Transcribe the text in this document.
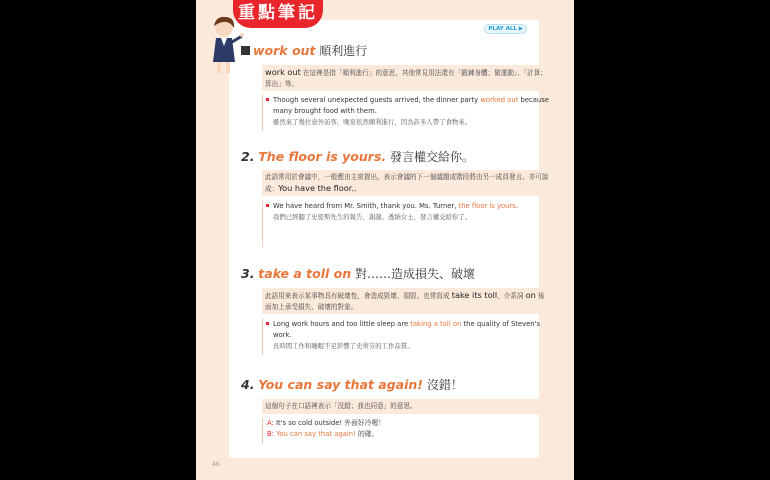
PLAY ALL ▶
work out 順利進行
work out 在這裡是指「順利進行」的意思，其他常見用法還有「鍛鍊身體；做運動」、「計算；算出」等。
Though several unexpected guests arrived, the dinner party worked out because many brought food with them.
雖然來了幾位意外訪客，晚宴依然順利進行，因為許多人帶了食物來。
2. The floor is yours. 發言權交給你。
此語常用於會議中，一般應由主席提出，表示會議的下一個議題或階段將由另一成員發言。亦可說成：You have the floor.。
We have heard from Mr. Smith, thank you. Ms. Turner, the floor is yours.
我們已經聽了史密斯先生的報告，謝謝。透納女士，發言權交給你了。
3. take a toll on 對……造成損失、破壞
此語用來表示某事物具有破壞性，會造成毀壞、損毀。也常寫成 take its toll，介系詞 on 後面加上承受損失、破壞的對象。
Long work hours and too little sleep are taking a toll on the quality of Steven's work.
長時間工作和睡眠不足影響了史蒂芬的工作品質。
4. You can say that again! 沒錯！
這個句子在口語裡表示「沒錯；我也同意」的意思。
A: It's so cold outside! 外面好冷喔！
B: You can say that again! 的確。
重點筆記
46
